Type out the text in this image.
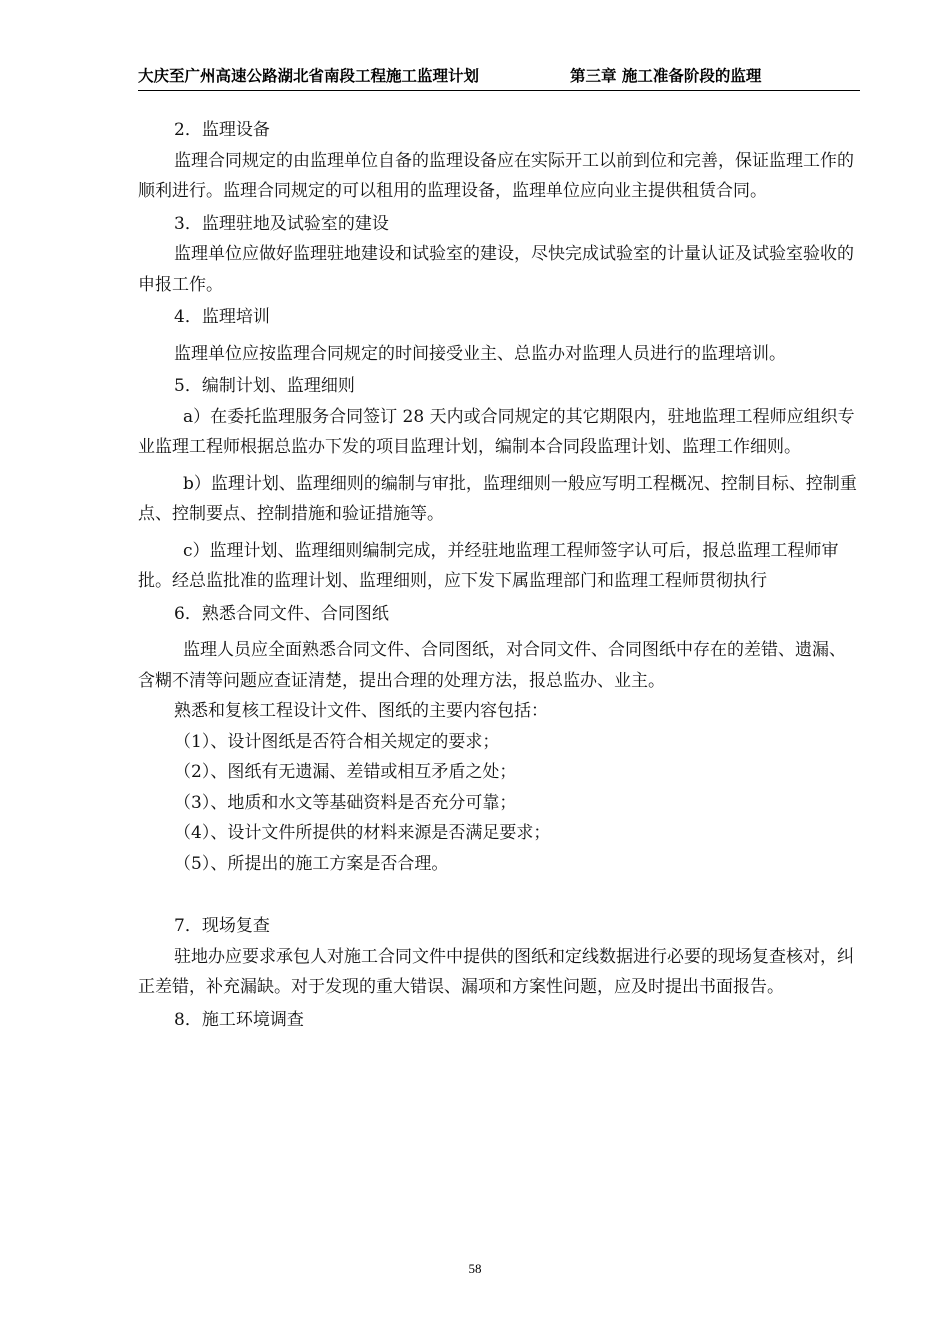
大庆至广州高速公路湖北省南段工程施工监理计划	第三章 施工准备阶段的监理

2．监理设备

监理合同规定的由监理单位自备的监理设备应在实际开工以前到位和完善，保证监理工作的顺利进行。监理合同规定的可以租用的监理设备，监理单位应向业主提供租赁合同。

3．监理驻地及试验室的建设

监理单位应做好监理驻地建设和试验室的建设，尽快完成试验室的计量认证及试验室验收的申报工作。

4．监理培训

监理单位应按监理合同规定的时间接受业主、总监办对监理人员进行的监理培训。

5．编制计划、监理细则

a）在委托监理服务合同签订 28 天内或合同规定的其它期限内，驻地监理工程师应组织专业监理工程师根据总监办下发的项目监理计划，编制本合同段监理计划、监理工作细则。

b）监理计划、监理细则的编制与审批，监理细则一般应写明工程概况、控制目标、控制重点、控制要点、控制措施和验证措施等。

c）监理计划、监理细则编制完成，并经驻地监理工程师签字认可后，报总监理工程师审批。经总监批准的监理计划、监理细则，应下发下属监理部门和监理工程师贯彻执行

6．熟悉合同文件、合同图纸

监理人员应全面熟悉合同文件、合同图纸，对合同文件、合同图纸中存在的差错、遗漏、含糊不清等问题应查证清楚，提出合理的处理方法，报总监办、业主。

熟悉和复核工程设计文件、图纸的主要内容包括：

（1）、设计图纸是否符合相关规定的要求；

（2）、图纸有无遗漏、差错或相互矛盾之处；

（3）、地质和水文等基础资料是否充分可靠；

（4）、设计文件所提供的材料来源是否满足要求；

（5）、所提出的施工方案是否合理。

7．现场复查

驻地办应要求承包人对施工合同文件中提供的图纸和定线数据进行必要的现场复查核对，纠正差错，补充漏缺。对于发现的重大错误、漏项和方案性问题，应及时提出书面报告。

8．施工环境调查

58
